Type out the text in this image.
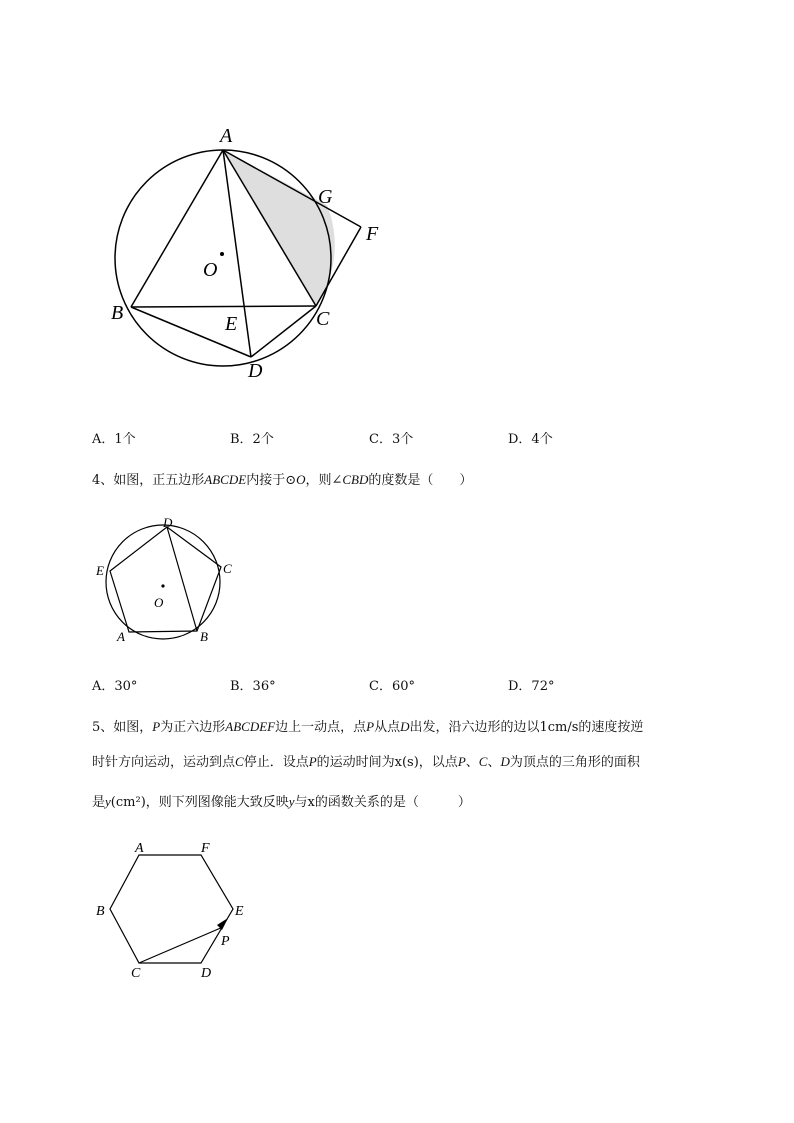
A
G
F
O
B	E	C
D
A．1个	B．2个	C．3个	D．4个
4、如图，正五边形ABCDE内接于⊙O，则∠CBD的度数是（　　）
D
E	C
O
A	B
A．30°	B．36°	C．60°	D．72°
5、如图，P为正六边形ABCDEF边上一动点，点P从点D出发，沿六边形的边以1cm/s的速度按逆
时针方向运动，运动到点C停止．设点P的运动时间为x(s)，以点P、C、D为顶点的三角形的面积
是y(cm²)，则下列图像能大致反映y与x的函数关系的是（　　　）
A	F
B	E
P
C	D
